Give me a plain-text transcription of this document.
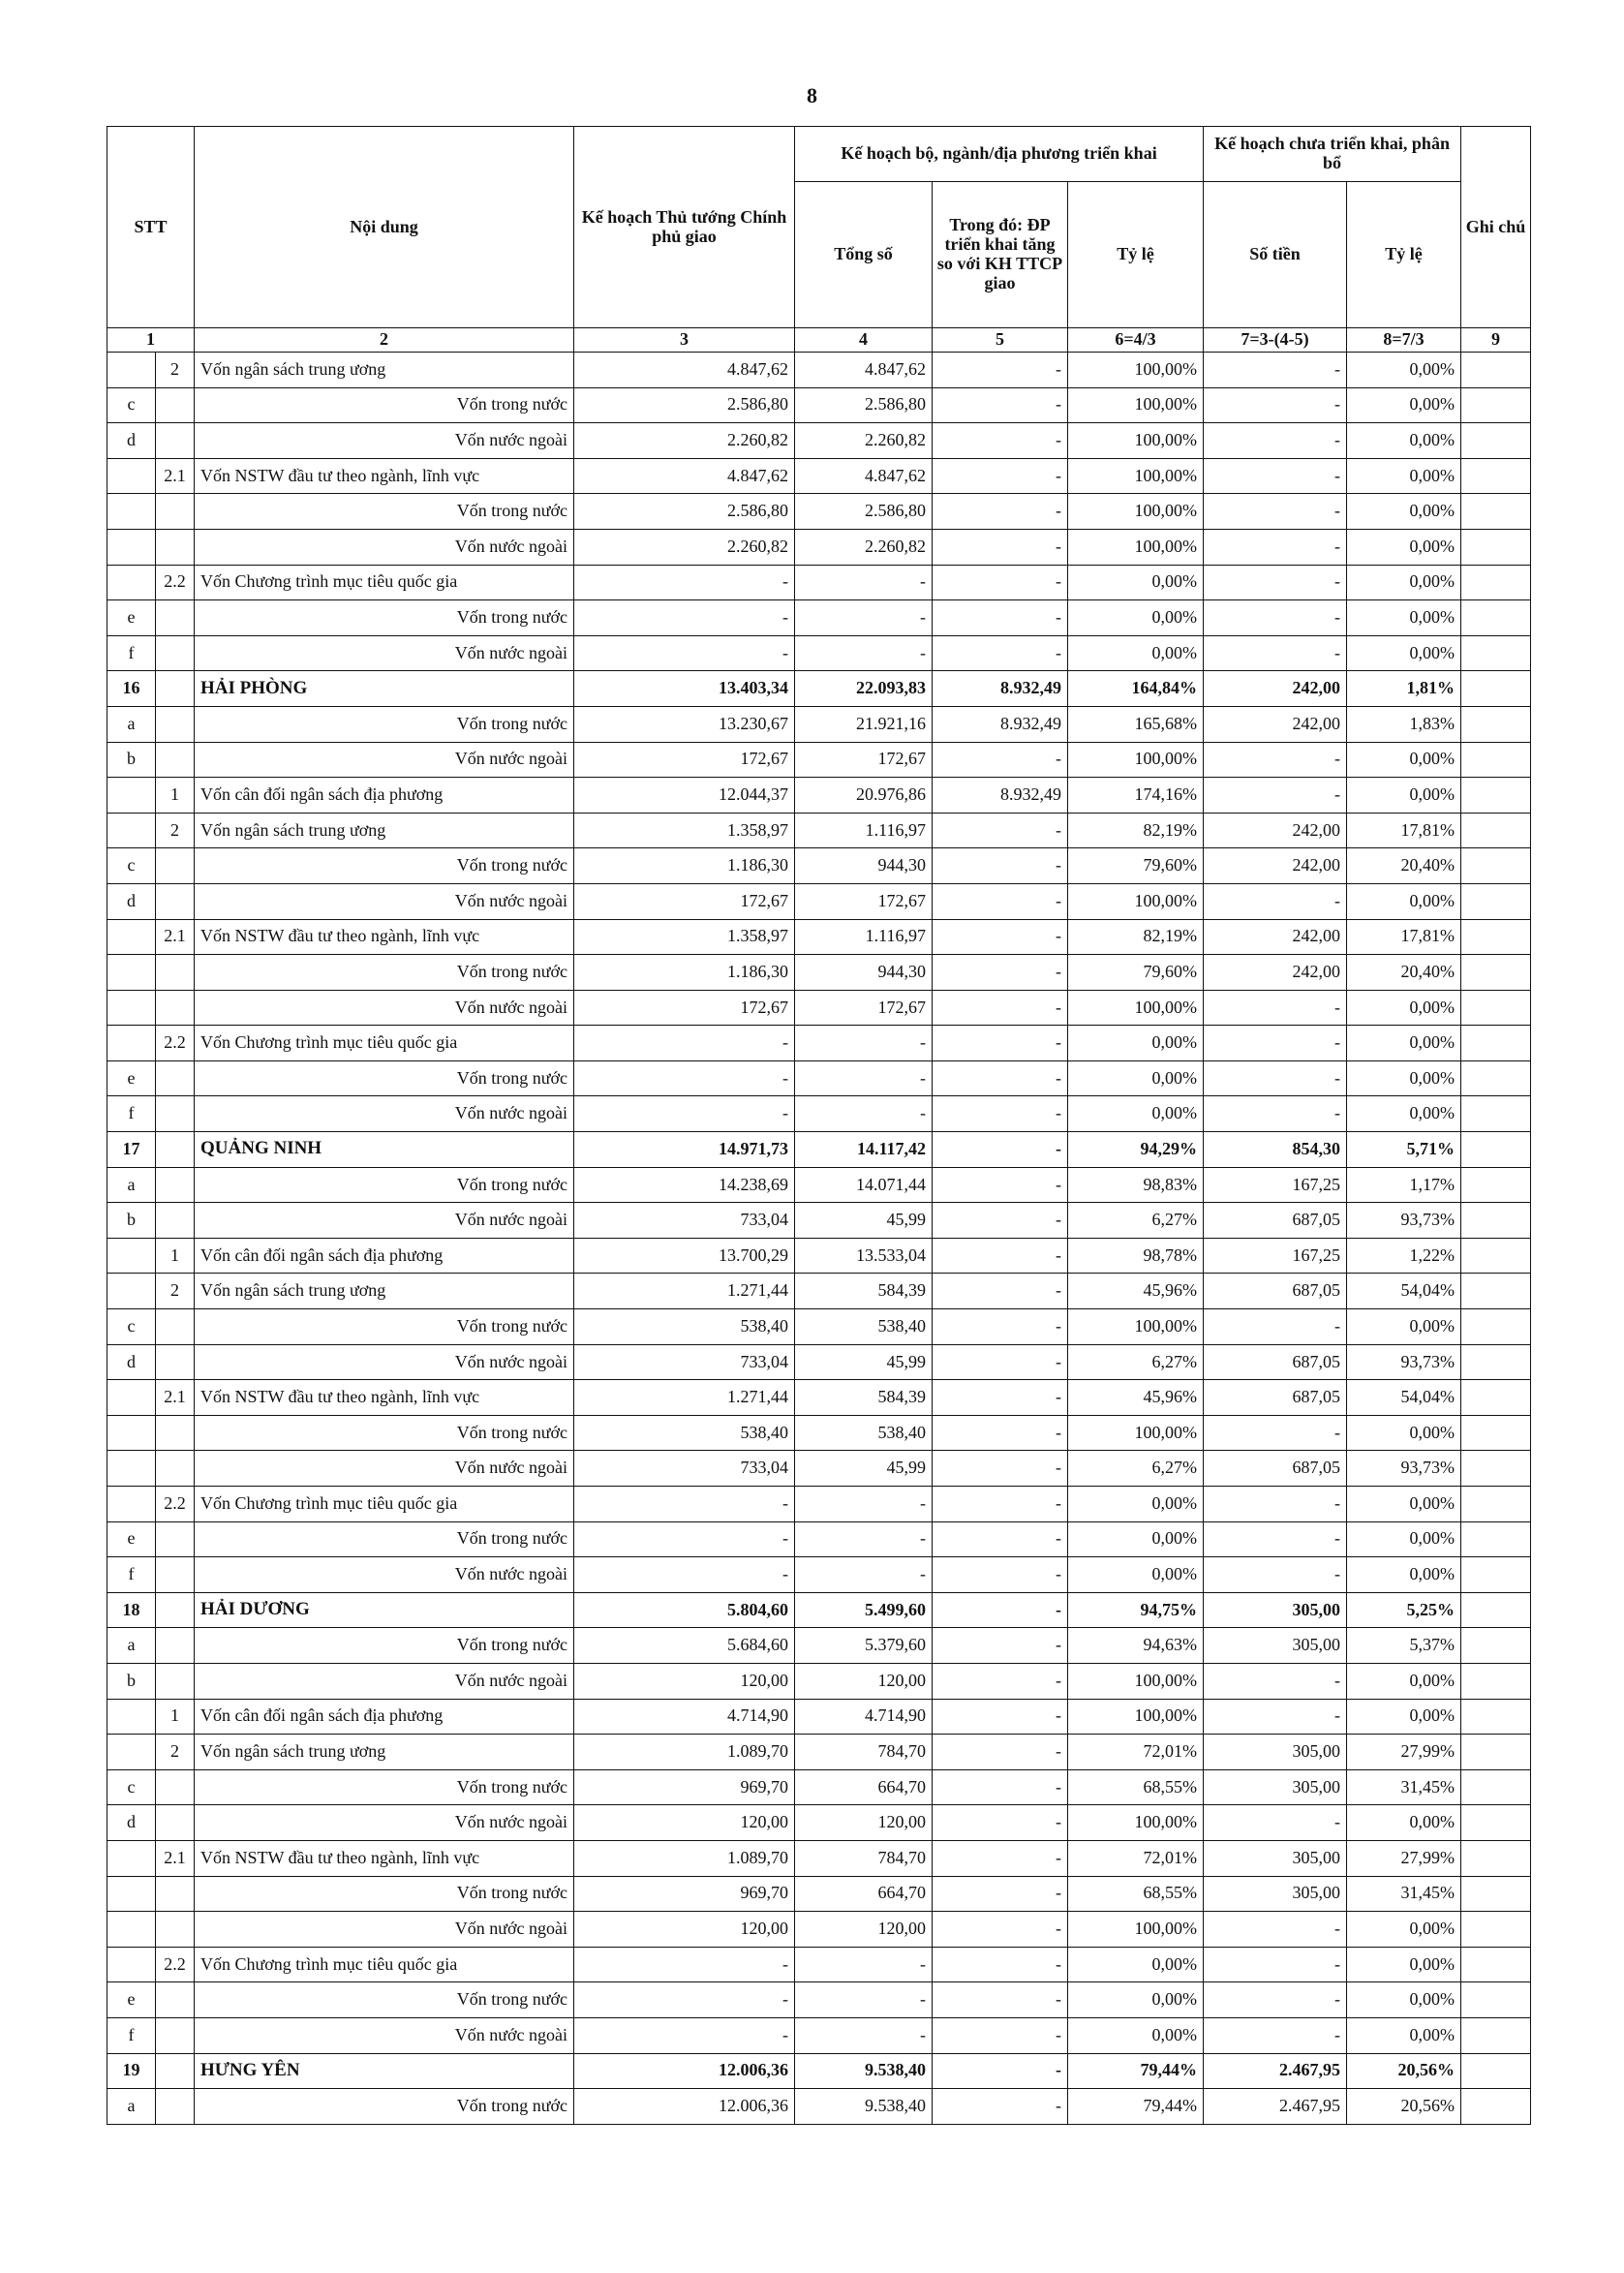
8
STT		Nội dung	Kế hoạch Thủ tướng Chính phủ giao	Kế hoạch bộ, ngành/địa phương triển khai			Kế hoạch chưa triển khai, phân bổ		Ghi chú
				Tổng số	Trong đó: ĐP triển khai tăng so với KH TTCP giao	Tỷ lệ	Số tiền	Tỷ lệ	
1		2	3	4	5	6=4/3	7=3-(4-5)	8=7/3	9
	2	Vốn ngân sách trung ương	4.847,62	4.847,62	-	100,00%	-	0,00%	
c		Vốn trong nước	2.586,80	2.586,80	-	100,00%	-	0,00%	
d		Vốn nước ngoài	2.260,82	2.260,82	-	100,00%	-	0,00%	
	2.1	Vốn NSTW đầu tư theo ngành, lĩnh vực	4.847,62	4.847,62	-	100,00%	-	0,00%	
		Vốn trong nước	2.586,80	2.586,80	-	100,00%	-	0,00%	
		Vốn nước ngoài	2.260,82	2.260,82	-	100,00%	-	0,00%	
	2.2	Vốn Chương trình mục tiêu quốc gia	-	-	-	0,00%	-	0,00%	
e		Vốn trong nước	-	-	-	0,00%	-	0,00%	
f		Vốn nước ngoài	-	-	-	0,00%	-	0,00%	
16		HẢI PHÒNG	13.403,34	22.093,83	8.932,49	164,84%	242,00	1,81%	
a		Vốn trong nước	13.230,67	21.921,16	8.932,49	165,68%	242,00	1,83%	
b		Vốn nước ngoài	172,67	172,67	-	100,00%	-	0,00%	
	1	Vốn cân đối ngân sách địa phương	12.044,37	20.976,86	8.932,49	174,16%	-	0,00%	
	2	Vốn ngân sách trung ương	1.358,97	1.116,97	-	82,19%	242,00	17,81%	
c		Vốn trong nước	1.186,30	944,30	-	79,60%	242,00	20,40%	
d		Vốn nước ngoài	172,67	172,67	-	100,00%	-	0,00%	
	2.1	Vốn NSTW đầu tư theo ngành, lĩnh vực	1.358,97	1.116,97	-	82,19%	242,00	17,81%	
		Vốn trong nước	1.186,30	944,30	-	79,60%	242,00	20,40%	
		Vốn nước ngoài	172,67	172,67	-	100,00%	-	0,00%	
	2.2	Vốn Chương trình mục tiêu quốc gia	-	-	-	0,00%	-	0,00%	
e		Vốn trong nước	-	-	-	0,00%	-	0,00%	
f		Vốn nước ngoài	-	-	-	0,00%	-	0,00%	
17		QUẢNG NINH	14.971,73	14.117,42	-	94,29%	854,30	5,71%	
a		Vốn trong nước	14.238,69	14.071,44	-	98,83%	167,25	1,17%	
b		Vốn nước ngoài	733,04	45,99	-	6,27%	687,05	93,73%	
	1	Vốn cân đối ngân sách địa phương	13.700,29	13.533,04	-	98,78%	167,25	1,22%	
	2	Vốn ngân sách trung ương	1.271,44	584,39	-	45,96%	687,05	54,04%	
c		Vốn trong nước	538,40	538,40	-	100,00%	-	0,00%	
d		Vốn nước ngoài	733,04	45,99	-	6,27%	687,05	93,73%	
	2.1	Vốn NSTW đầu tư theo ngành, lĩnh vực	1.271,44	584,39	-	45,96%	687,05	54,04%	
		Vốn trong nước	538,40	538,40	-	100,00%	-	0,00%	
		Vốn nước ngoài	733,04	45,99	-	6,27%	687,05	93,73%	
	2.2	Vốn Chương trình mục tiêu quốc gia	-	-	-	0,00%	-	0,00%	
e		Vốn trong nước	-	-	-	0,00%	-	0,00%	
f		Vốn nước ngoài	-	-	-	0,00%	-	0,00%	
18		HẢI DƯƠNG	5.804,60	5.499,60	-	94,75%	305,00	5,25%	
a		Vốn trong nước	5.684,60	5.379,60	-	94,63%	305,00	5,37%	
b		Vốn nước ngoài	120,00	120,00	-	100,00%	-	0,00%	
	1	Vốn cân đối ngân sách địa phương	4.714,90	4.714,90	-	100,00%	-	0,00%	
	2	Vốn ngân sách trung ương	1.089,70	784,70	-	72,01%	305,00	27,99%	
c		Vốn trong nước	969,70	664,70	-	68,55%	305,00	31,45%	
d		Vốn nước ngoài	120,00	120,00	-	100,00%	-	0,00%	
	2.1	Vốn NSTW đầu tư theo ngành, lĩnh vực	1.089,70	784,70	-	72,01%	305,00	27,99%	
		Vốn trong nước	969,70	664,70	-	68,55%	305,00	31,45%	
		Vốn nước ngoài	120,00	120,00	-	100,00%	-	0,00%	
	2.2	Vốn Chương trình mục tiêu quốc gia	-	-	-	0,00%	-	0,00%	
e		Vốn trong nước	-	-	-	0,00%	-	0,00%	
f		Vốn nước ngoài	-	-	-	0,00%	-	0,00%	
19		HƯNG YÊN	12.006,36	9.538,40	-	79,44%	2.467,95	20,56%	
a		Vốn trong nước	12.006,36	9.538,40	-	79,44%	2.467,95	20,56%	
